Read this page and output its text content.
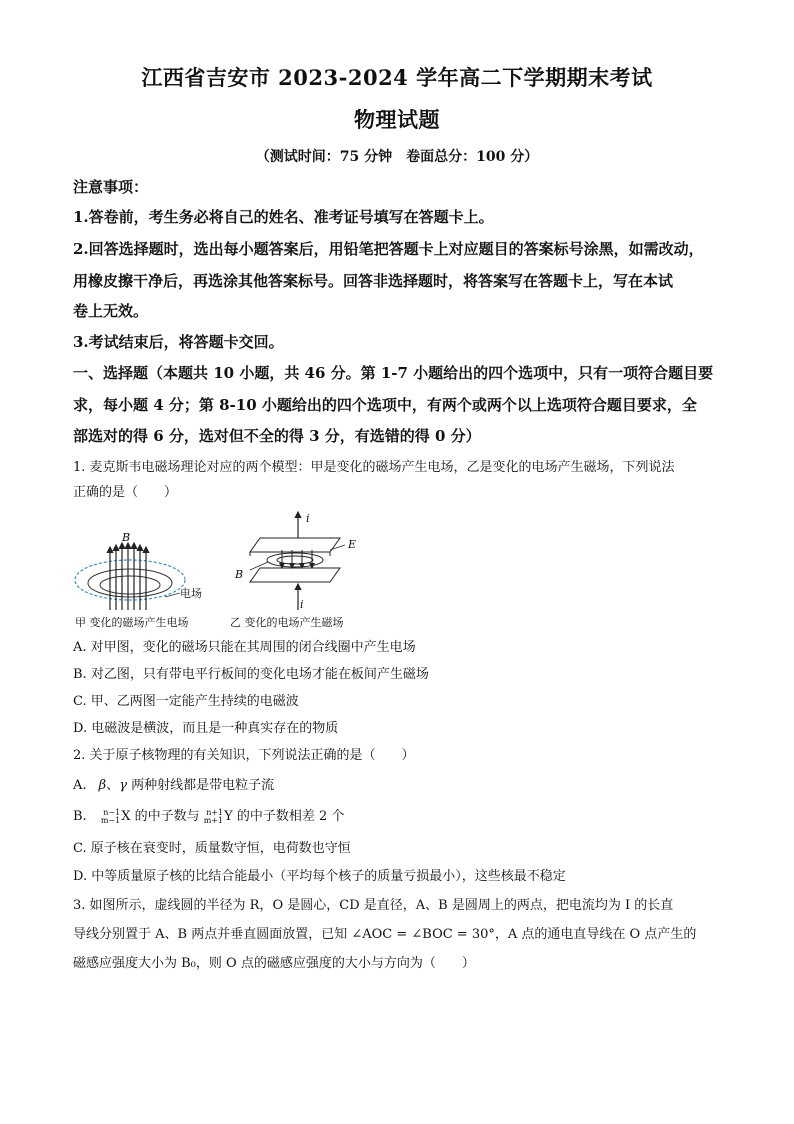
江西省吉安市 2023-2024 学年高二下学期期末考试
物理试题
（测试时间：75 分钟　卷面总分：100 分）
注意事项：
1.答卷前，考生务必将自己的姓名、准考证号填写在答题卡上。
2.回答选择题时，选出每小题答案后，用铅笔把答题卡上对应题目的答案标号涂黑，如需改动，
用橡皮擦干净后，再选涂其他答案标号。回答非选择题时，将答案写在答题卡上，写在本试
卷上无效。
3.考试结束后，将答题卡交回。
一、选择题（本题共 10 小题，共 46 分。第 1-7 小题给出的四个选项中，只有一项符合题目要
求，每小题 4 分；第 8-10 小题给出的四个选项中，有两个或两个以上选项符合题目要求，全
部选对的得 6 分，选对但不全的得 3 分，有选错的得 0 分）
1. 麦克斯韦电磁场理论对应的两个模型：甲是变化的磁场产生电场，乙是变化的电场产生磁场，下列说法
正确的是（　　）
B
电场
甲 变化的磁场产生电场
i
E
B
i
乙 变化的电场产生磁场
A. 对甲图，变化的磁场只能在其周围的闭合线圈中产生电场
B. 对乙图，只有带电平行板间的变化电场才能在板间产生磁场
C. 甲、乙两图一定能产生持续的电磁波
D. 电磁波是横波，而且是一种真实存在的物质
2. 关于原子核物理的有关知识，下列说法正确的是（　　）
A. β、γ 两种射线都是带电粒子流
B. n−1
m−1X 的中子数与 n+1
m+1Y 的中子数相差 2 个
C. 原子核在衰变时，质量数守恒，电荷数也守恒
D. 中等质量原子核的比结合能最小（平均每个核子的质量亏损最小），这些核最不稳定
3. 如图所示，虚线圆的半径为 R，O 是圆心，CD 是直径，A、B 是圆周上的两点，把电流均为 I 的长直
导线分别置于 A、B 两点并垂直圆面放置，已知 ∠AOC = ∠BOC = 30°，A 点的通电直导线在 O 点产生的
磁感应强度大小为 B₀，则 O 点的磁感应强度的大小与方向为（　　）
